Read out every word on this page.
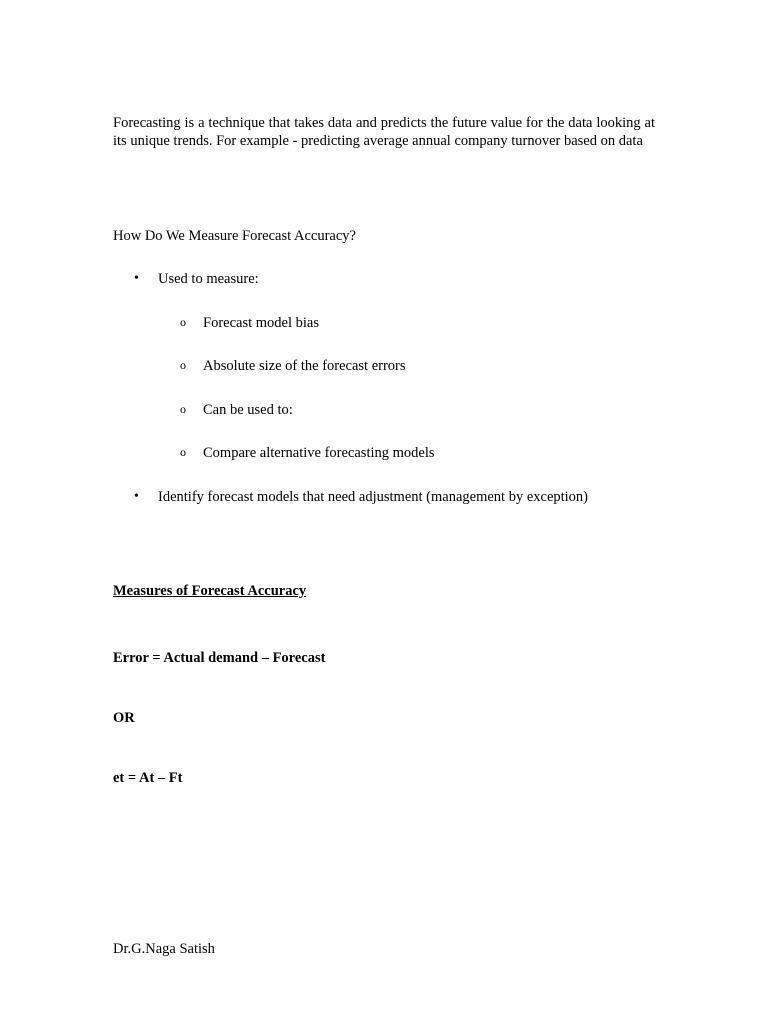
Forecasting is a technique that takes data and predicts the future value for the data looking at its unique trends. For example - predicting average annual company turnover based on data

How Do We Measure Forecast Accuracy?

• Used to measure:
o Forecast model bias
o Absolute size of the forecast errors
o Can be used to:
o Compare alternative forecasting models
• Identify forecast models that need adjustment (management by exception)

Measures of Forecast Accuracy

Error = Actual demand – Forecast

OR

et = At – Ft

Dr.G.Naga Satish
